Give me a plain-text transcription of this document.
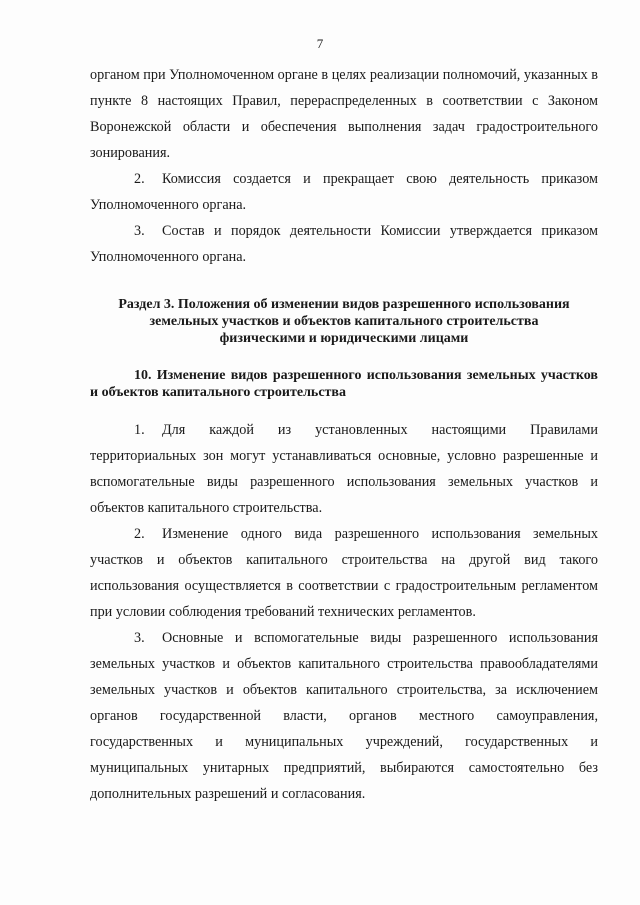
7

органом при Уполномоченном органе в целях реализации полномочий, указанных в пункте 8 настоящих Правил, перераспределенных в соответствии с Законом Воронежской области и обеспечения выполнения задач градостроительного зонирования.

2. Комиссия создается и прекращает свою деятельность приказом Уполномоченного органа.

3. Состав и порядок деятельности Комиссии утверждается приказом Уполномоченного органа.

Раздел 3. Положения об изменении видов разрешенного использования земельных участков и объектов капитального строительства физическими и юридическими лицами
10. Изменение видов разрешенного использования земельных участков и объектов капитального строительства

1. Для каждой из установленных настоящими Правилами территориальных зон могут устанавливаться основные, условно разрешенные и вспомогательные виды разрешенного использования земельных участков и объектов капитального строительства.

2. Изменение одного вида разрешенного использования земельных участков и объектов капитального строительства на другой вид такого использования осуществляется в соответствии с градостроительным регламентом при условии соблюдения требований технических регламентов.

3. Основные и вспомогательные виды разрешенного использования земельных участков и объектов капитального строительства правообладателями земельных участков и объектов капитального строительства, за исключением органов государственной власти, органов местного самоуправления, государственных и муниципальных учреждений, государственных и муниципальных унитарных предприятий, выбираются самостоятельно без дополнительных разрешений и согласования.
